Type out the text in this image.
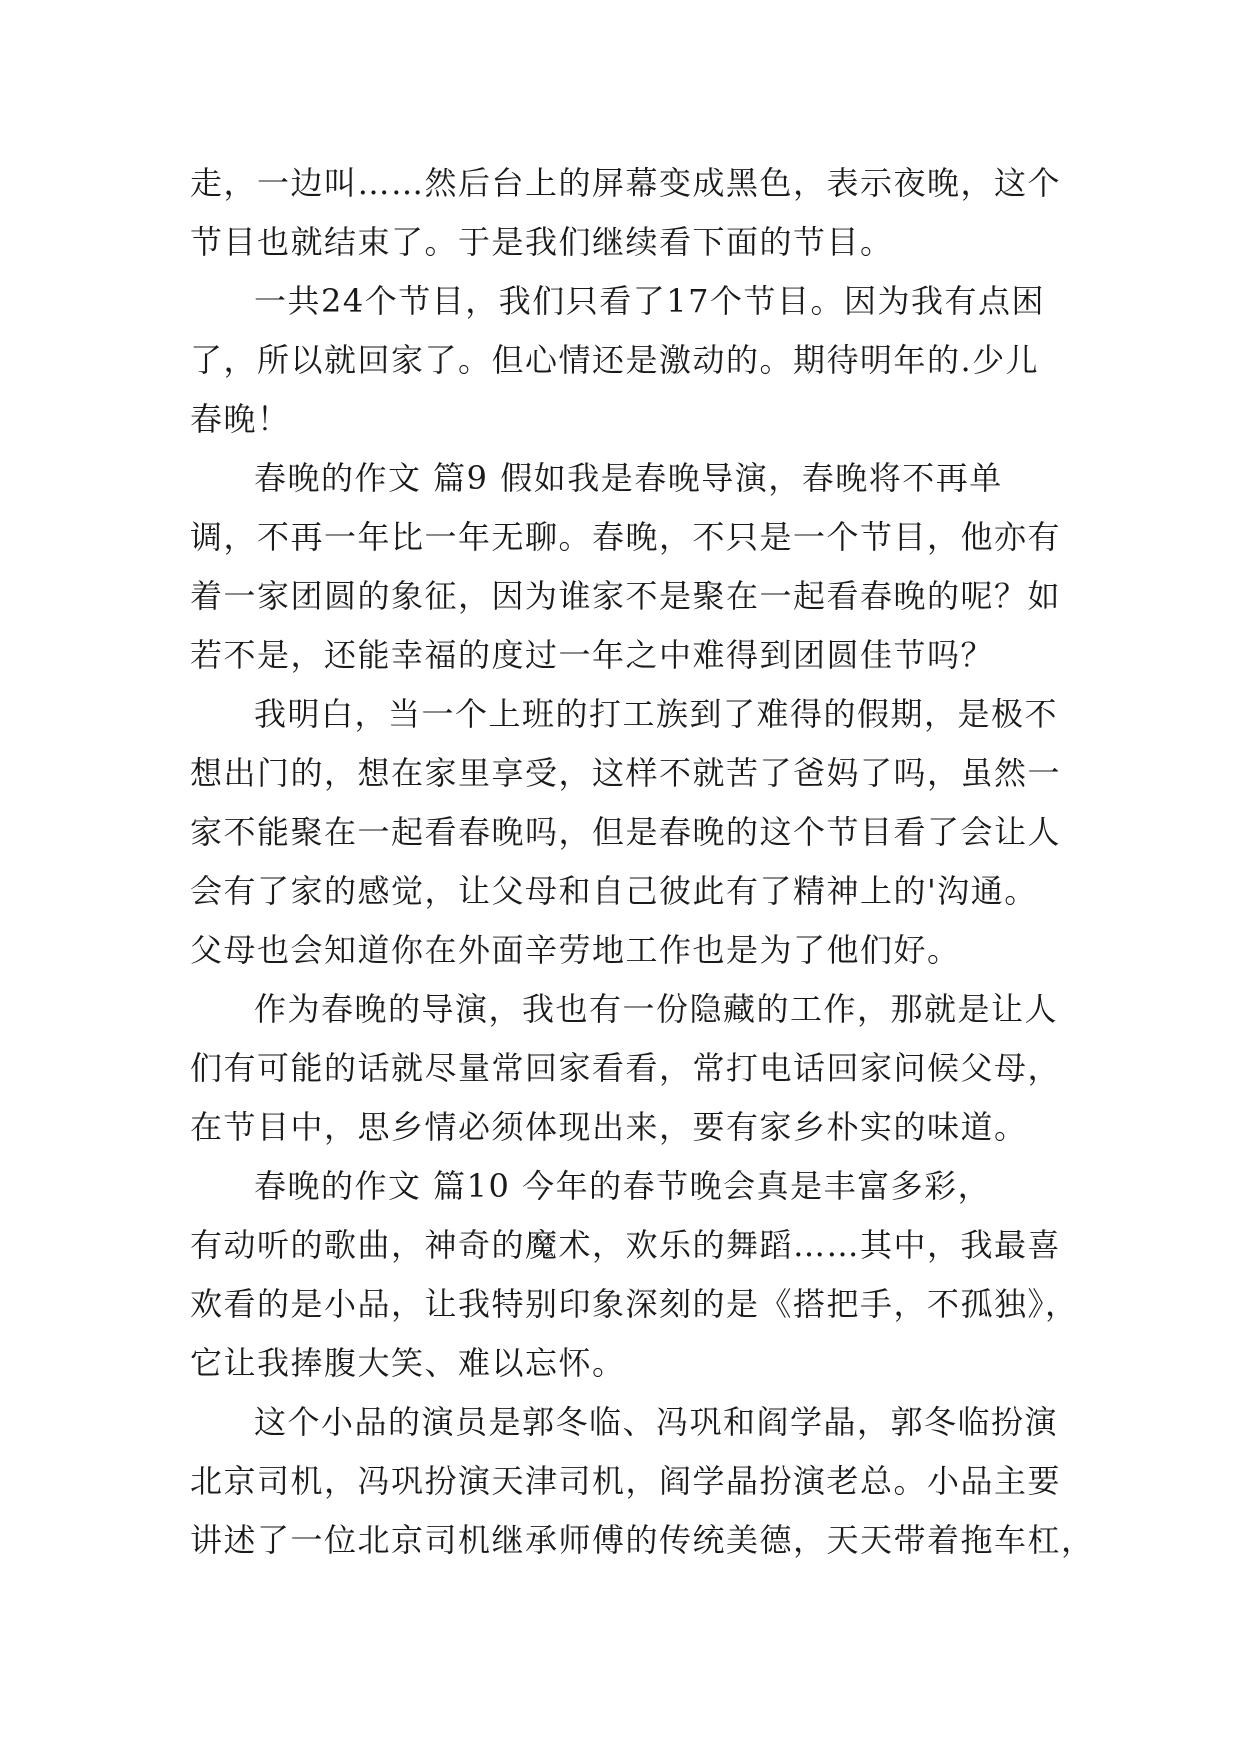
走，一边叫……然后台上的屏幕变成黑色，表示夜晚，这个
节目也就结束了。于是我们继续看下面的节目。
一共24个节目，我们只看了17个节目。因为我有点困
了，所以就回家了。但心情还是激动的。期待明年的.少儿
春晚！
春晚的作文 篇9 假如我是春晚导演，春晚将不再单
调，不再一年比一年无聊。春晚，不只是一个节目，他亦有
着一家团圆的象征，因为谁家不是聚在一起看春晚的呢？如
若不是，还能幸福的度过一年之中难得到团圆佳节吗？
我明白，当一个上班的打工族到了难得的假期，是极不
想出门的，想在家里享受，这样不就苦了爸妈了吗，虽然一
家不能聚在一起看春晚吗，但是春晚的这个节目看了会让人
会有了家的感觉，让父母和自己彼此有了精神上的'沟通。
父母也会知道你在外面辛劳地工作也是为了他们好。
作为春晚的导演，我也有一份隐藏的工作，那就是让人
们有可能的话就尽量常回家看看，常打电话回家问候父母，
在节目中，思乡情必须体现出来，要有家乡朴实的味道。
春晚的作文 篇10 今年的春节晚会真是丰富多彩，
有动听的歌曲，神奇的魔术，欢乐的舞蹈……其中，我最喜
欢看的是小品，让我特别印象深刻的是《搭把手，不孤独》，
它让我捧腹大笑、难以忘怀。
这个小品的演员是郭冬临、冯巩和阎学晶，郭冬临扮演
北京司机，冯巩扮演天津司机，阎学晶扮演老总。小品主要
讲述了一位北京司机继承师傅的传统美德，天天带着拖车杠，
